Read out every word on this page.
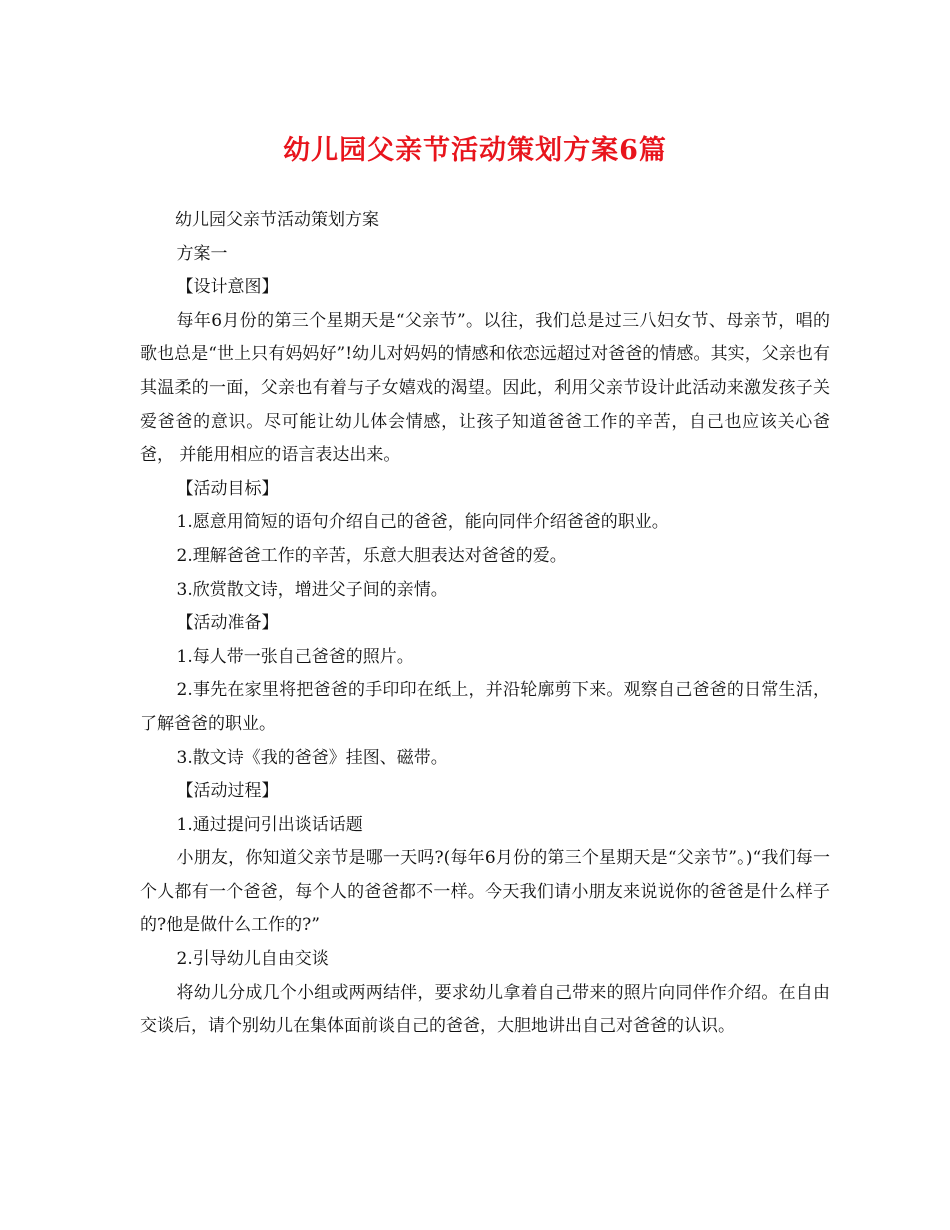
幼儿园父亲节活动策划方案6篇

幼儿园父亲节活动策划方案

方案一

【设计意图】

每年6月份的第三个星期天是“父亲节”。以往，我们总是过三八妇女节、母亲节，唱的歌也总是“世上只有妈妈好”!幼儿对妈妈的情感和依恋远超过对爸爸的情感。其实，父亲也有其温柔的一面，父亲也有着与子女嬉戏的渴望。因此，利用父亲节设计此活动来激发孩子关爱爸爸的意识。尽可能让幼儿体会情感，让孩子知道爸爸工作的辛苦，自己也应该关心爸爸， 并能用相应的语言表达出来。

【活动目标】

1.愿意用简短的语句介绍自己的爸爸，能向同伴介绍爸爸的职业。

2.理解爸爸工作的辛苦，乐意大胆表达对爸爸的爱。

3.欣赏散文诗，增进父子间的亲情。

【活动准备】

1.每人带一张自己爸爸的照片。

2.事先在家里将把爸爸的手印印在纸上，并沿轮廓剪下来。观察自己爸爸的日常生活，了解爸爸的职业。

3.散文诗《我的爸爸》挂图、磁带。

【活动过程】

1.通过提问引出谈话话题

小朋友，你知道父亲节是哪一天吗?(每年6月份的第三个星期天是“父亲节”。)“我们每一个人都有一个爸爸，每个人的爸爸都不一样。今天我们请小朋友来说说你的爸爸是什么样子的?他是做什么工作的?”

2.引导幼儿自由交谈

将幼儿分成几个小组或两两结伴，要求幼儿拿着自己带来的照片向同伴作介绍。在自由交谈后，请个别幼儿在集体面前谈自己的爸爸，大胆地讲出自己对爸爸的认识。
